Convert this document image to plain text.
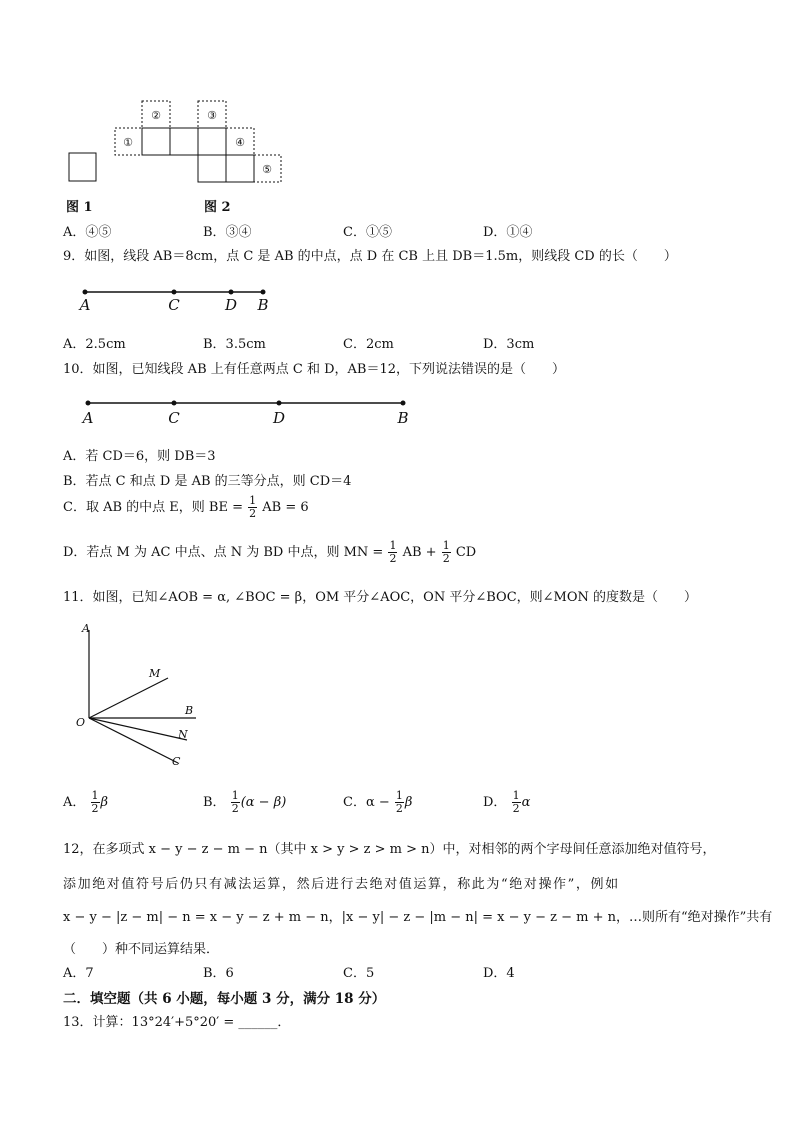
①
②	③
④
⑤
图 1	图 2
A．④⑤	B．③④	C．①⑤	D．①④
9．如图，线段 AB＝8cm，点 C 是 AB 的中点，点 D 在 CB 上且 DB＝1.5m，则线段 CD 的长（　　）
A	C	D B
A．2.5cm	B．3.5cm	C．2cm	D．3cm
10．如图，已知线段 AB 上有任意两点 C 和 D，AB＝12，下列说法错误的是（　　）
A	C	D	B
A．若 CD＝6，则 DB＝3
B．若点 C 和点 D 是 AB 的三等分点，则 CD＝4
C．取 AB 的中点 E，则 BE = $\frac{1}{2}$ AB = 6
D．若点 M 为 AC 中点、点 N 为 BD 中点，则 MN = $\frac{1}{2}$ AB + $\frac{1}{2}$ CD
11．如图，已知∠AOB = α, ∠BOC = β，OM 平分∠AOC，ON 平分∠BOC，则∠MON 的度数是（　　）
A
M
B
N
C
O
A． $\frac{1}{2}$ β	B． $\frac{1}{2} (\alpha - \beta)$	C．$\alpha - \frac{1}{2}$ β	D． $\frac{1}{2}$ α
12，在多项式 x − y − z − m − n（其中 x > y > z > m > n）中，对相邻的两个字母间任意添加绝对值符号，
添加绝对值符号后仍只有减法运算，然后进行去绝对值运算，称此为“绝对操作”，例如
x − y − |z − m| − n = x − y − z + m − n，|x − y| − z − |m − n| = x − y − z − m + n，…则所有“绝对操作”共有
（　　）种不同运算结果．
A．7	B．6	C．5	D．4
二．填空题（共 6 小题，每小题 3 分，满分 18 分）
13．计算：13°24′+5°20′ = ______．
